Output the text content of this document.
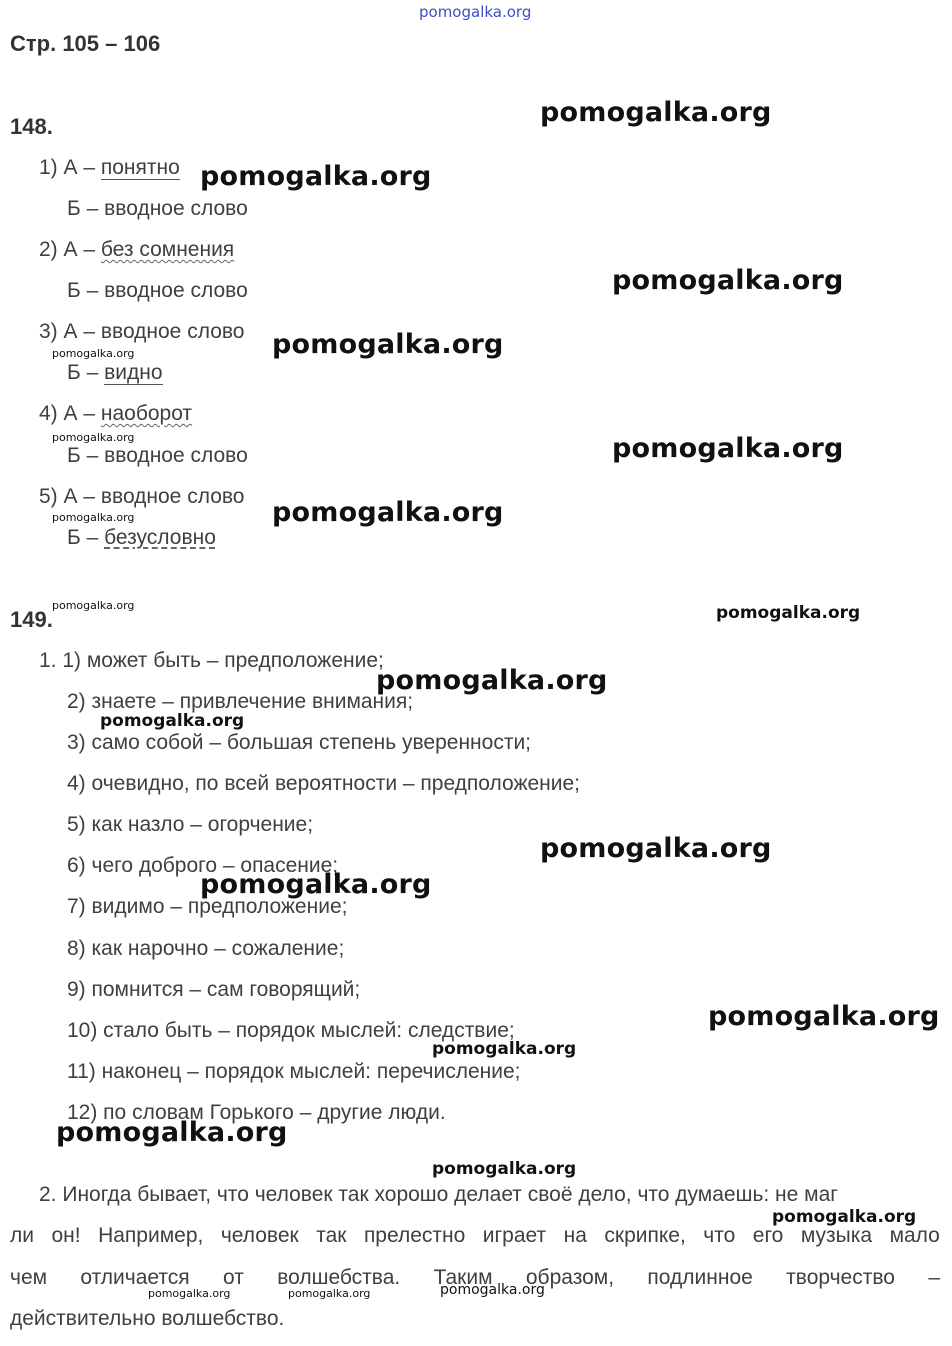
pomogalka.org
Стр. 105 – 106
148.
1) А – понятно
Б – вводное слово
2) А – без сомнения
Б – вводное слово
3) А – вводное слово
Б – видно
4) А – наоборот
Б – вводное слово
5) А – вводное слово
Б – безусловно
149.
1. 1) может быть – предположение;
2) знаете – привлечение внимания;
3) само собой – большая степень уверенности;
4) очевидно, по всей вероятности – предположение;
5) как назло – огорчение;
6) чего доброго – опасение;
7) видимо – предположение;
8) как нарочно – сожаление;
9) помнится – сам говорящий;
10) стало быть – порядок мыслей: следствие;
11) наконец – порядок мыслей: перечисление;
12) по словам Горького – другие люди.
2. Иногда бывает, что человек так хорошо делает своё дело, что думаешь: не маг
ли он! Например, человек так прелестно играет на скрипке, что его музыка мало
чем отличается от волшебства. Таким образом, подлинное творчество –
действительно волшебство.
pomogalka.org
pomogalka.org
pomogalka.org
pomogalka.org
pomogalka.org
pomogalka.org	pomogalka.org
pomogalka.org
pomogalka.org
pomogalka.org	pomogalka.org
pomogalka.org
pomogalka.org
pomogalka.org
pomogalka.org
pomogalka.org
pomogalka.org
pomogalka.org
pomogalka.org
pomogalka.org
pomogalka.org	pomogalka.org	pomogalka.org
